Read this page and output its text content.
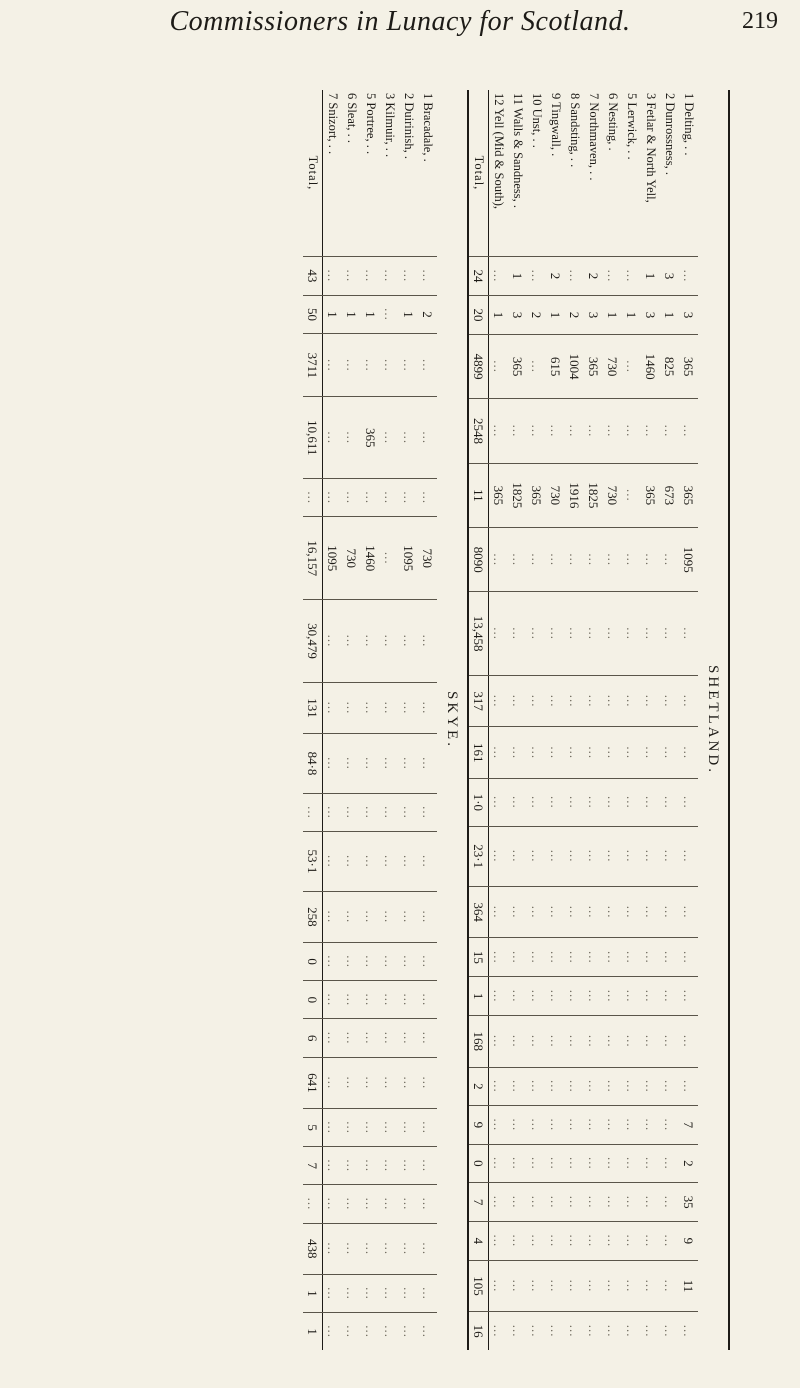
Commissioners in Lunacy for Scotland.	219
SHETLAND.
1 Delting, . .	...	3	365	...	365	1095	...	...	...	...	...	...	...	...	...	...	7	2	35	9	11	...
2 Dunrossness, .	3	1	825	...	673	...	...	...	...	...	...	...	...	...	...	...	...	...	...	...	...	...
3 Fetlar & North Yell,	1	3	1460	...	365	...	...	...	...	...	...	...	...	...	...	...	...	...	...	...	...	...
5 Lerwick, . .	...	1	...	...	...	...	...	...	...	...	...	...	...	...	...	...	...	...	...	...	...	...
6 Nesting, .	...	1	730	...	730	...	...	...	...	...	...	...	...	...	...	...	...	...	...	...	...	...
7 Northmaven, . .	2	3	365	...	1825	...	...	...	...	...	...	...	...	...	...	...	...	...	...	...	...	...
8 Sandsting, . .	...	2	1004	...	1916	...	...	...	...	...	...	...	...	...	...	...	...	...	...	...	...	...
9 Tingwall, .	2	1	615	...	730	...	...	...	...	...	...	...	...	...	...	...	...	...	...	...	...	...
10 Unst, . .	...	2	...	...	365	...	...	...	...	...	...	...	...	...	...	...	...	...	...	...	...	...
11 Walls & Sandness, .	1	3	365	...	1825	...	...	...	...	...	...	...	...	...	...	...	...	...	...	...	...	...
12 Yell (Mid & South),	...	1	...	...	365	...	...	...	...	...	...	...	...	...	...	...	...	...	...	...	...	...
Total,	24	20	4899	2548	11	8090	13,458	317	161	1·0	23·1	364	15	1	168	2	9	0	7	4	105	16
SKYE.
1 Bracadale, .	...	2	...	...	...	730	...	...	...	...	...	...	...	...	...	...	...	...	...	...	...	...
2 Duirinish, .	...	1	...	...	...	1095	...	...	...	...	...	...	...	...	...	...	...	...	...	...	...	...
3 Kilmuir, . .	...	...	...	...	...	...	...	...	...	...	...	...	...	...	...	...	...	...	...	...	...	...
5 Portree, . .	...	1	...	365	...	1460	...	...	...	...	...	...	...	...	...	...	...	...	...	...	...	...
6 Sleat, . .	...	1	...	...	...	730	...	...	...	...	...	...	...	...	...	...	...	...	...	...	...	...
7 Snizort, . .	...	1	...	...	...	1095	...	...	...	...	...	...	...	...	...	...	...	...	...	...	...	...
Total,	43	50	3711	10,611	...	16,157	30,479	131	84·8	...	53·1	258	0	0	6	641	5	7	...	438	1	1
